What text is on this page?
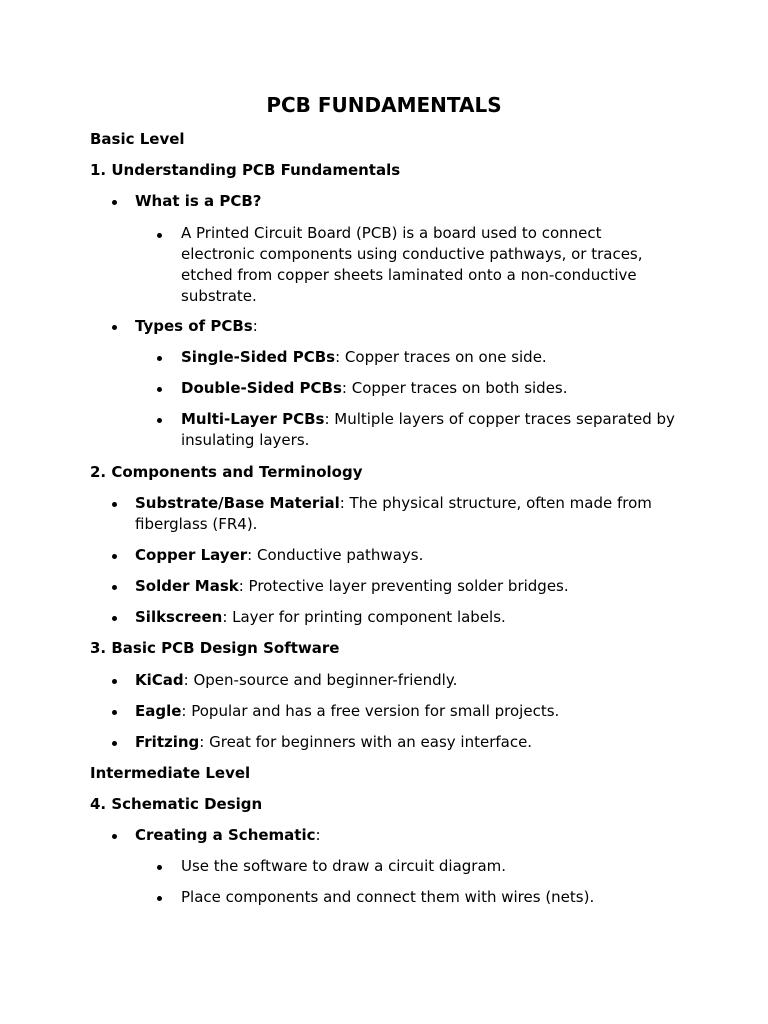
PCB FUNDAMENTALS
Basic Level
1. Understanding PCB Fundamentals
What is a PCB?
A Printed Circuit Board (PCB) is a board used to connect electronic components using conductive pathways, or traces, etched from copper sheets laminated onto a non-conductive substrate.
Types of PCBs:
Single-Sided PCBs: Copper traces on one side.
Double-Sided PCBs: Copper traces on both sides.
Multi-Layer PCBs: Multiple layers of copper traces separated by insulating layers.
2. Components and Terminology
Substrate/Base Material: The physical structure, often made from fiberglass (FR4).
Copper Layer: Conductive pathways.
Solder Mask: Protective layer preventing solder bridges.
Silkscreen: Layer for printing component labels.
3. Basic PCB Design Software
KiCad: Open-source and beginner-friendly.
Eagle: Popular and has a free version for small projects.
Fritzing: Great for beginners with an easy interface.
Intermediate Level
4. Schematic Design
Creating a Schematic:
Use the software to draw a circuit diagram.
Place components and connect them with wires (nets).
